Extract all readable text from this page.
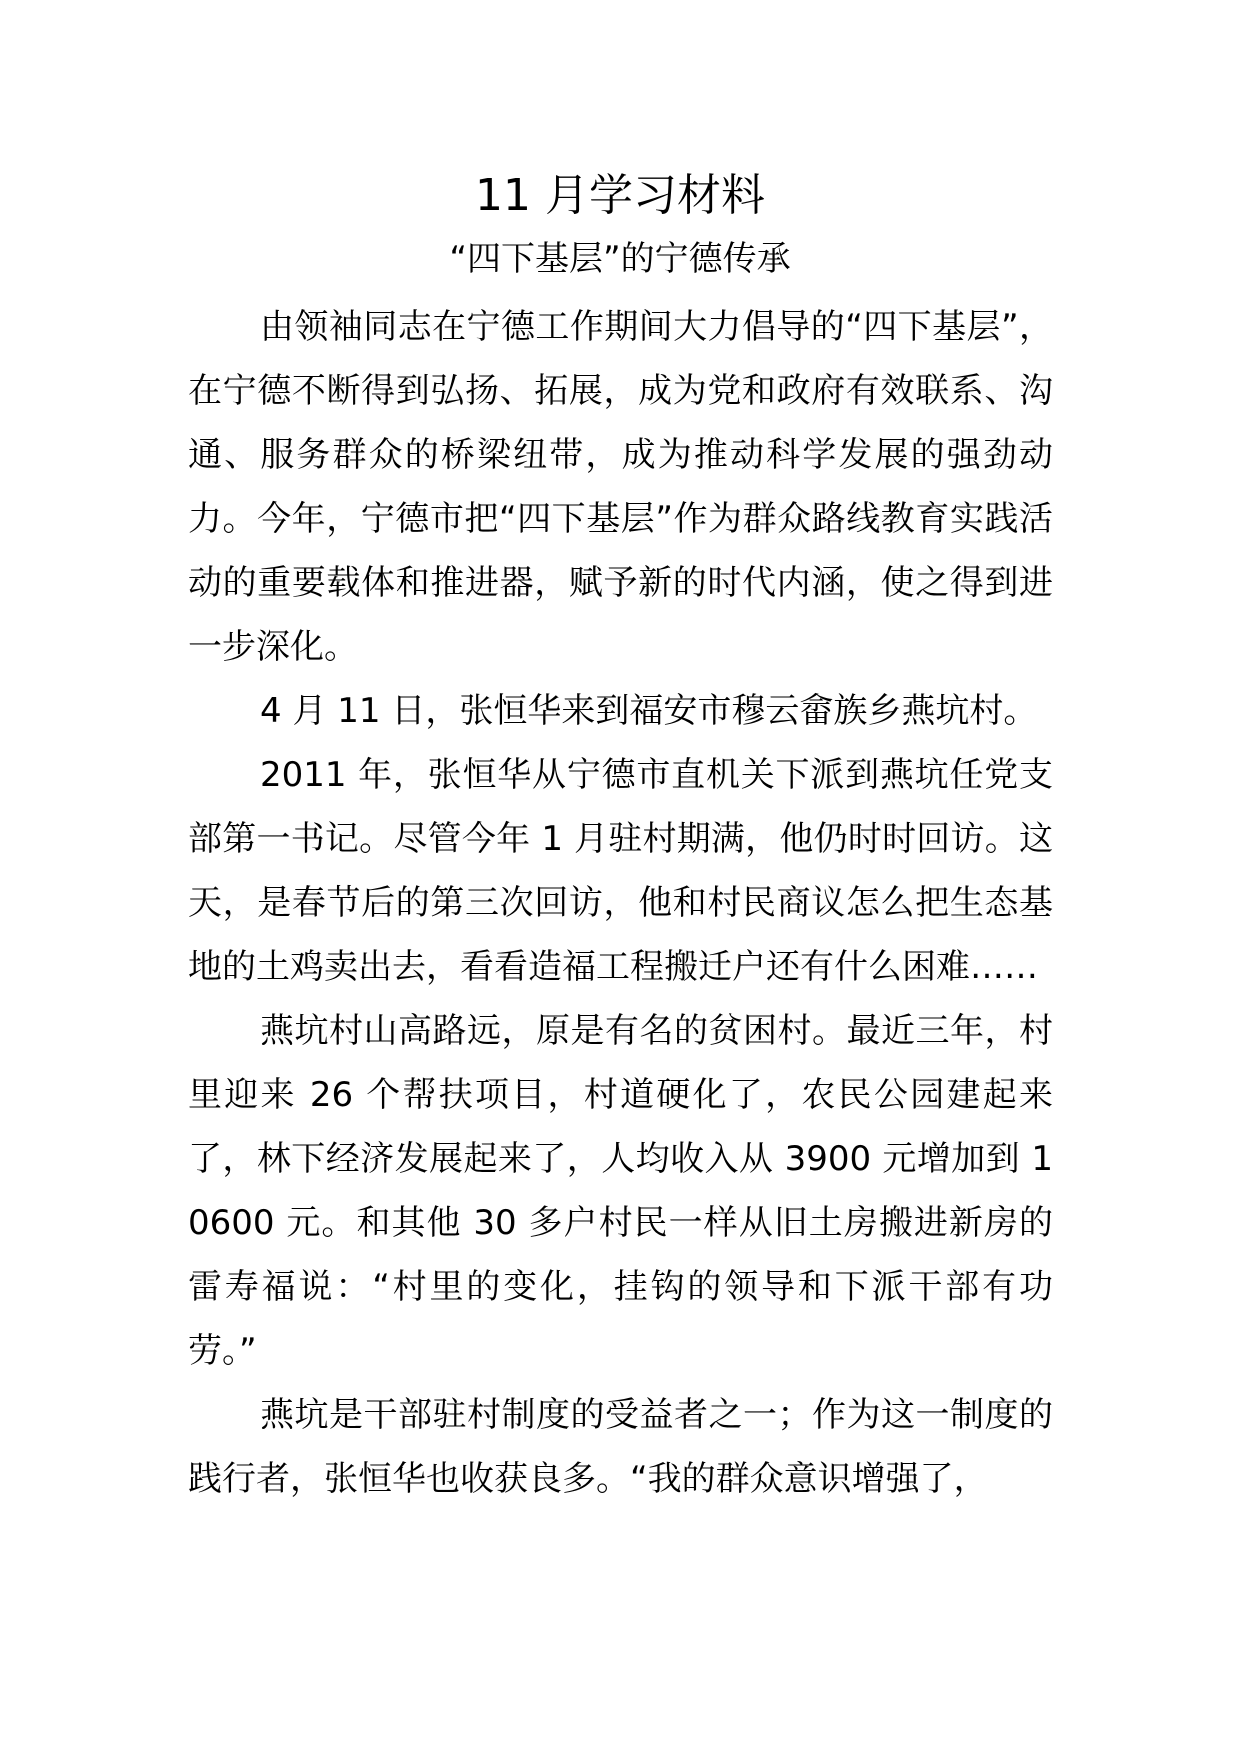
11 月学习材料
“四下基层”的宁德传承

由领袖同志在宁德工作期间大力倡导的“四下基层”，在宁德不断得到弘扬、拓展，成为党和政府有效联系、沟通、服务群众的桥梁纽带，成为推动科学发展的强劲动力。今年，宁德市把“四下基层”作为群众路线教育实践活动的重要载体和推进器，赋予新的时代内涵，使之得到进一步深化。

4 月 11 日，张恒华来到福安市穆云畲族乡燕坑村。

2011 年，张恒华从宁德市直机关下派到燕坑任党支部第一书记。尽管今年 1 月驻村期满，他仍时时回访。这天，是春节后的第三次回访，他和村民商议怎么把生态基地的土鸡卖出去，看看造福工程搬迁户还有什么困难……

燕坑村山高路远，原是有名的贫困村。最近三年，村里迎来 26 个帮扶项目，村道硬化了，农民公园建起来了，林下经济发展起来了，人均收入从 3900 元增加到 10600 元。和其他 30 多户村民一样从旧土房搬进新房的雷寿福说：“村里的变化，挂钩的领导和下派干部有功劳。”

燕坑是干部驻村制度的受益者之一；作为这一制度的践行者，张恒华也收获良多。“我的群众意识增强了，
